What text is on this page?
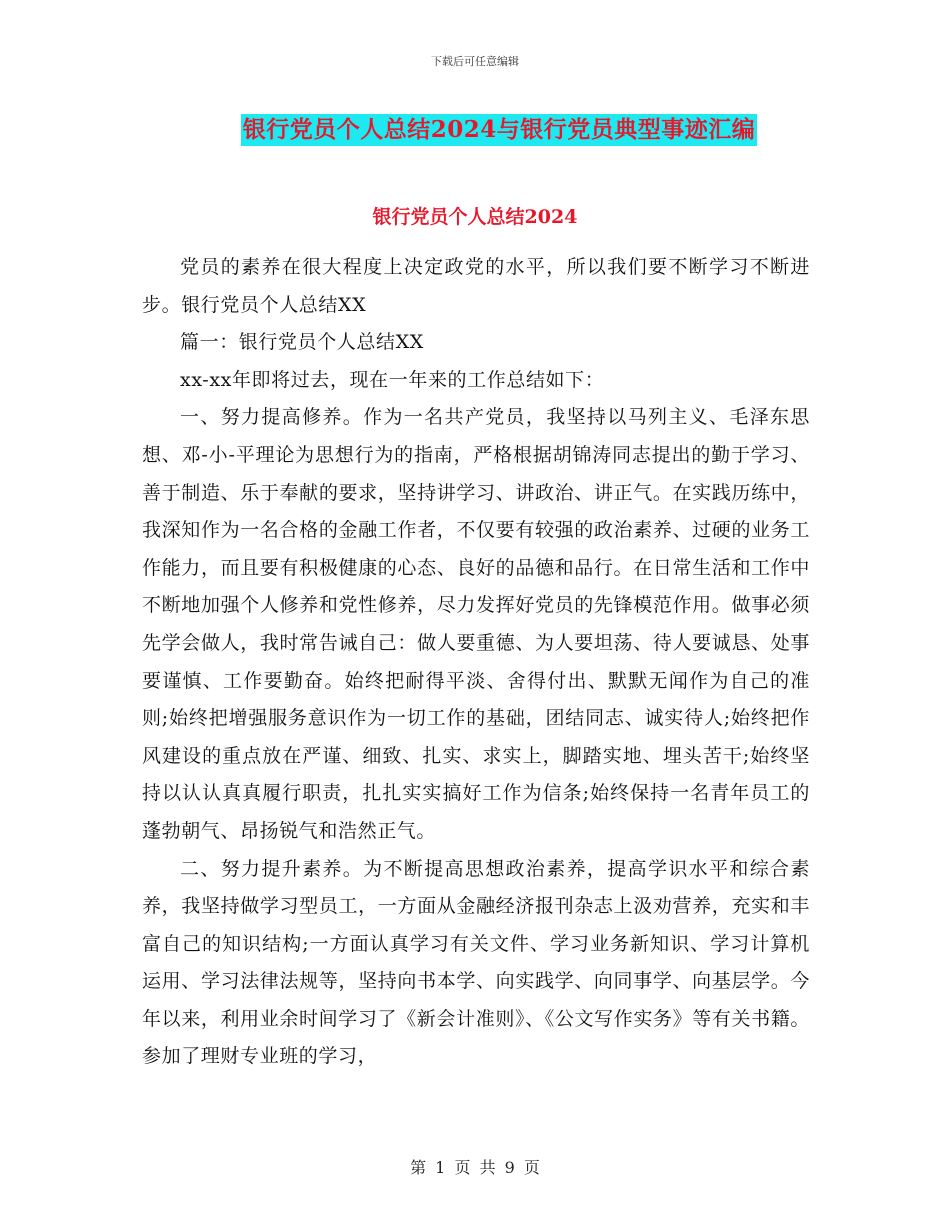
下载后可任意编辑
银行党员个人总结2024与银行党员典型事迹汇编
银行党员个人总结2024

党员的素养在很大程度上决定政党的水平，所以我们要不断学习不断进步。银行党员个人总结XX

篇一：银行党员个人总结XX

xx-xx年即将过去，现在一年来的工作总结如下：

一、努力提高修养。作为一名共产党员，我坚持以马列主义、毛泽东思想、邓-小-平理论为思想行为的指南，严格根据胡锦涛同志提出的勤于学习、善于制造、乐于奉献的要求，坚持讲学习、讲政治、讲正气。在实践历练中，我深知作为一名合格的金融工作者，不仅要有较强的政治素养、过硬的业务工作能力，而且要有积极健康的心态、良好的品德和品行。在日常生活和工作中不断地加强个人修养和党性修养，尽力发挥好党员的先锋模范作用。做事必须先学会做人，我时常告诫自己：做人要重德、为人要坦荡、待人要诚恳、处事要谨慎、工作要勤奋。始终把耐得平淡、舍得付出、默默无闻作为自己的准则;始终把增强服务意识作为一切工作的基础，团结同志、诚实待人;始终把作风建设的重点放在严谨、细致、扎实、求实上，脚踏实地、埋头苦干;始终坚持以认认真真履行职责，扎扎实实搞好工作为信条;始终保持一名青年员工的蓬勃朝气、昂扬锐气和浩然正气。

二、努力提升素养。为不断提高思想政治素养，提高学识水平和综合素养，我坚持做学习型员工，一方面从金融经济报刊杂志上汲劝营养，充实和丰富自己的知识结构;一方面认真学习有关文件、学习业务新知识、学习计算机运用、学习法律法规等，坚持向书本学、向实践学、向同事学、向基层学。今年以来，利用业余时间学习了《新会计准则》、《公文写作实务》等有关书籍。参加了理财专业班的学习，

第 1 页 共 9 页
